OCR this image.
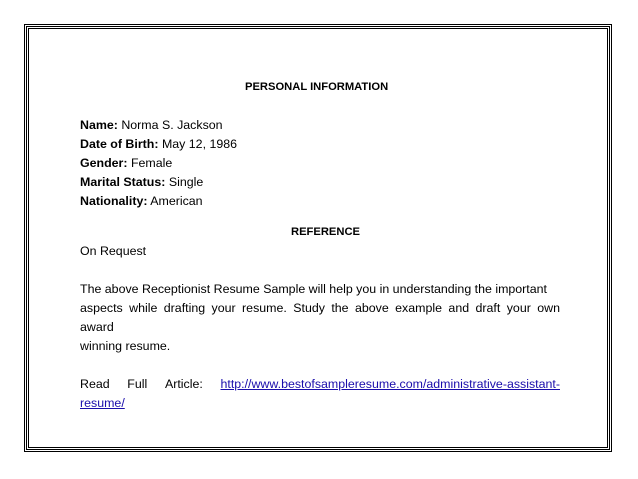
PERSONAL INFORMATION
Name: Norma S. Jackson
Date of Birth: May 12, 1986
Gender: Female
Marital Status: Single
Nationality: American
REFERENCE
On Request
The above Receptionist Resume Sample will help you in understanding the important
aspects while drafting your resume. Study the above example and draft your own award
winning resume.
Read Full Article: http://www.bestofsampleresume.com/administrative-assistant-
resume/
